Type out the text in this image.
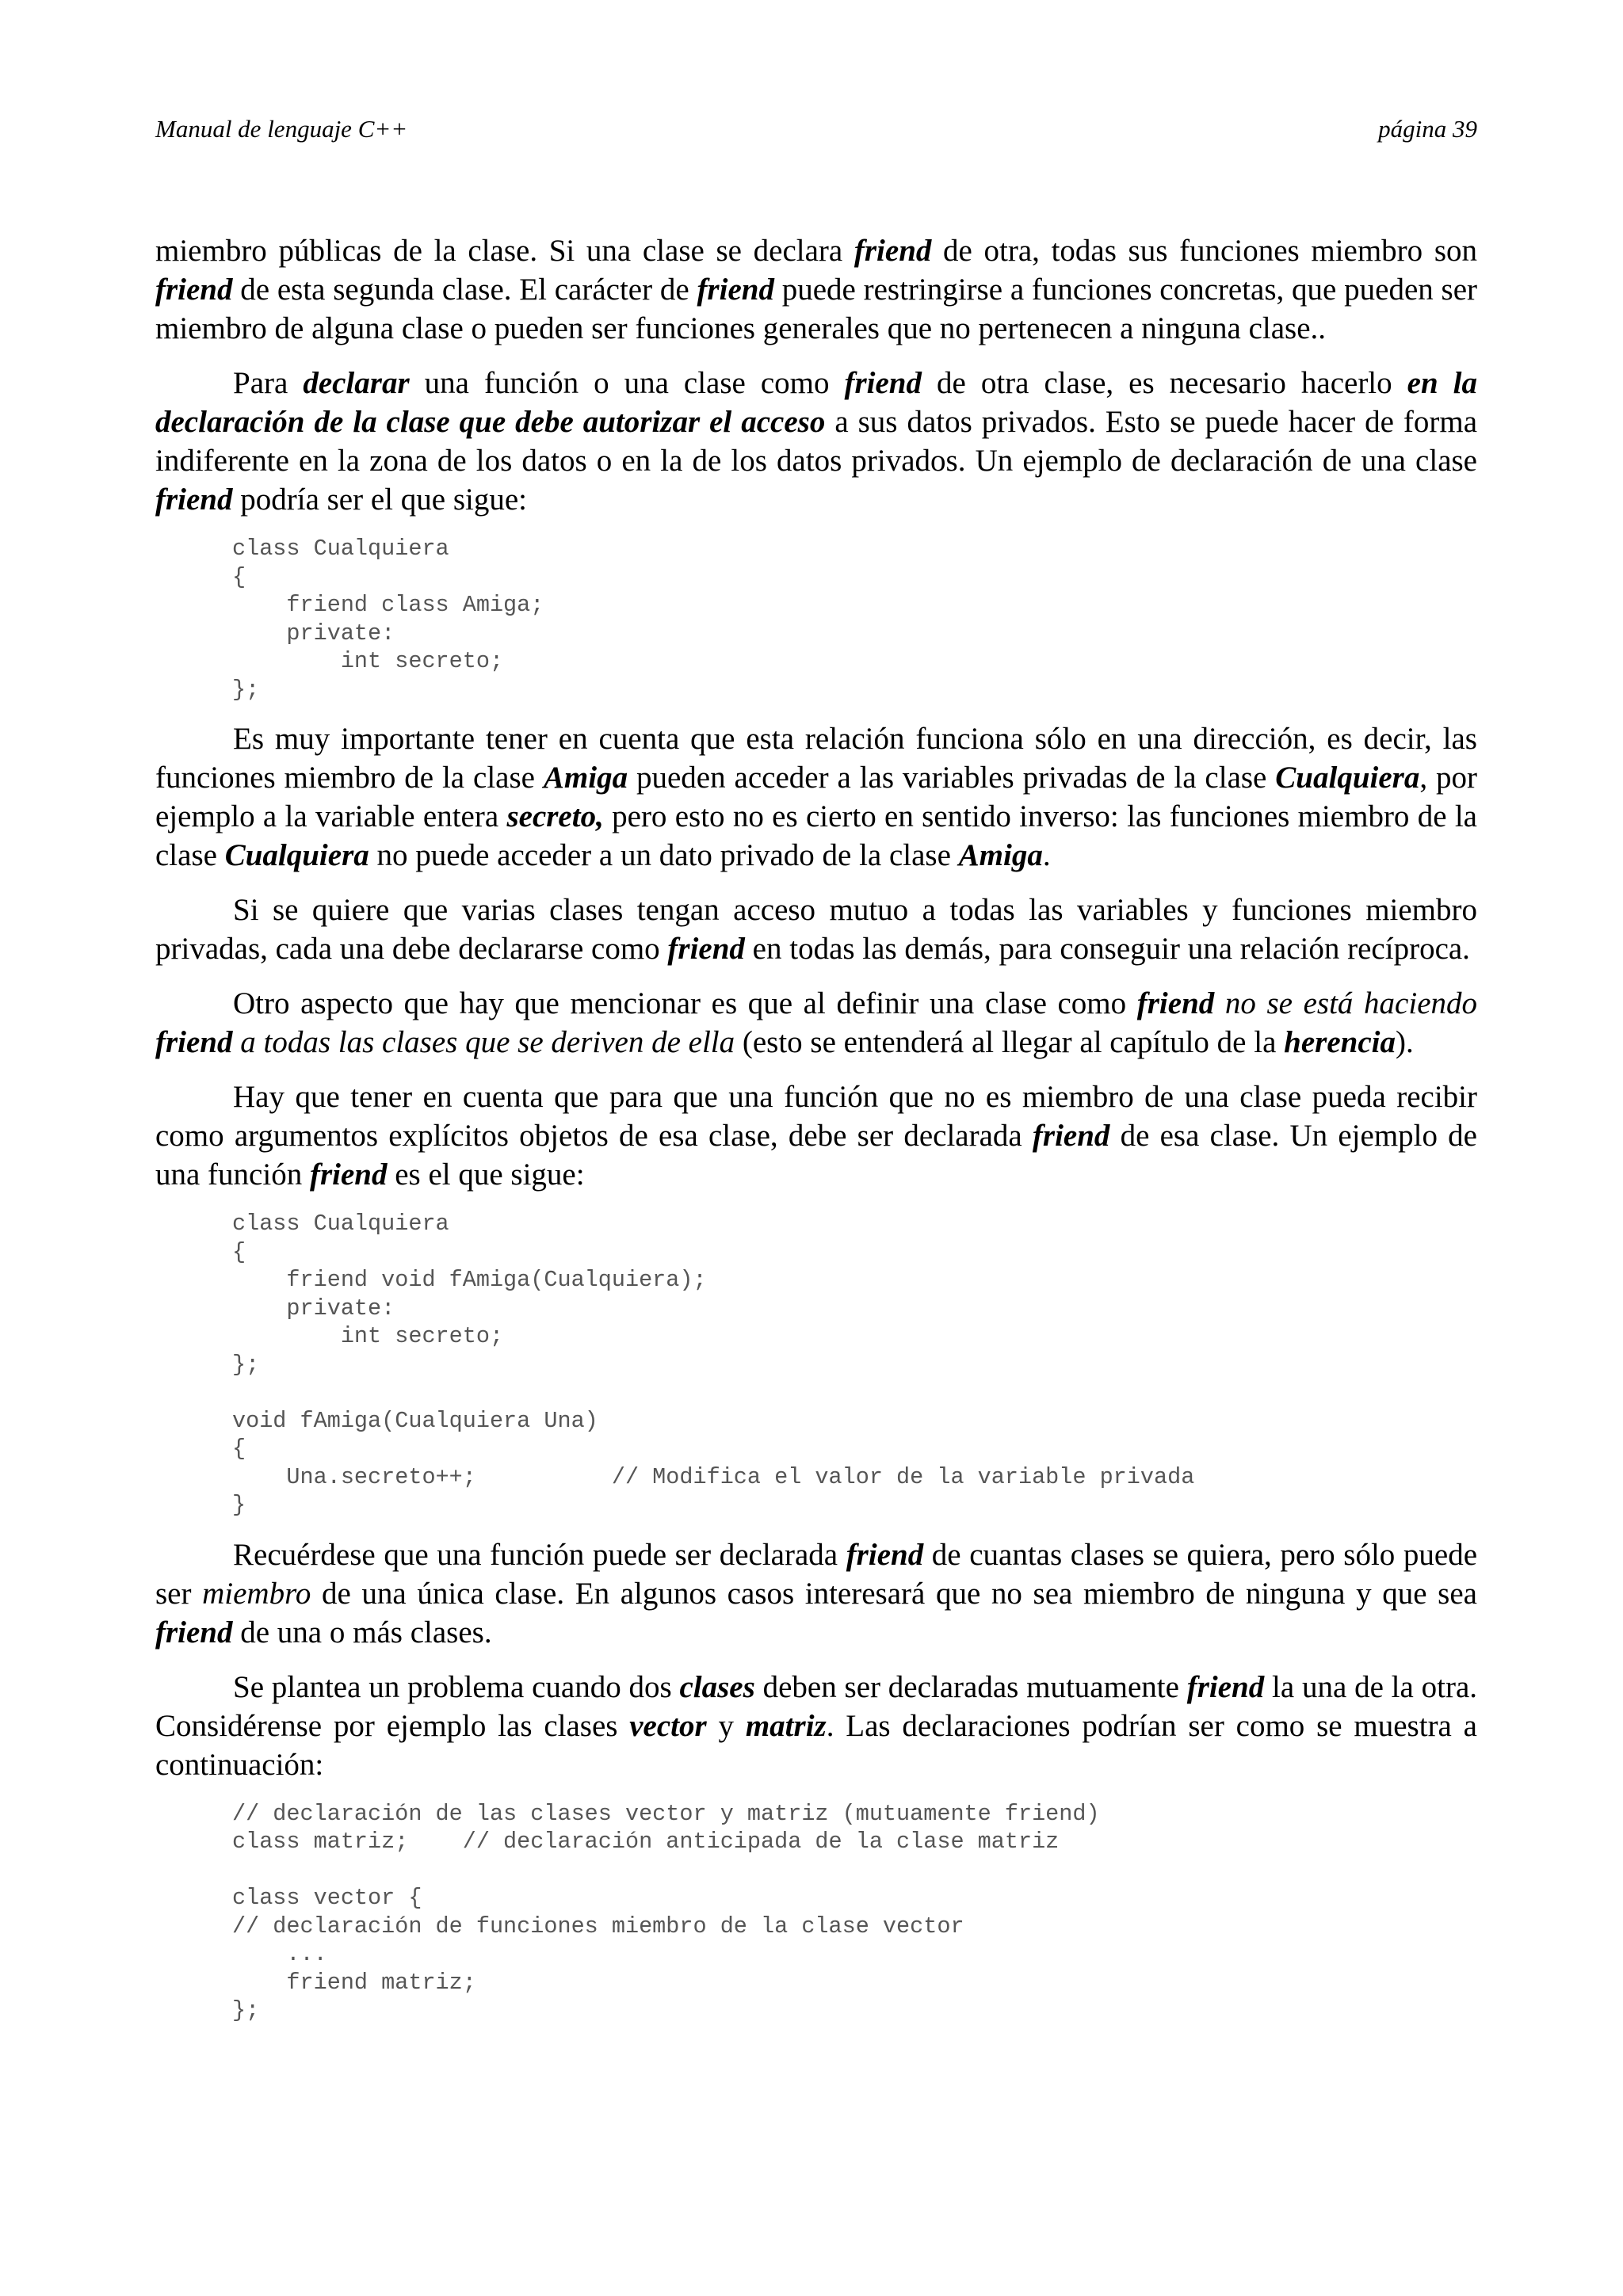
Manual de lenguaje C++	página 39

miembro públicas de la clase. Si una clase se declara friend de otra, todas sus funciones miembro son friend de esta segunda clase. El carácter de friend puede restringirse a funciones concretas, que pueden ser miembro de alguna clase o pueden ser funciones generales que no pertenecen a ninguna clase..

Para declarar una función o una clase como friend de otra clase, es necesario hacerlo en la declaración de la clase que debe autorizar el acceso a sus datos privados. Esto se puede hacer de forma indiferente en la zona de los datos o en la de los datos privados. Un ejemplo de declaración de una clase friend podría ser el que sigue:

class Cualquiera
{
friend class Amiga;
private:
int secreto;
};

Es muy importante tener en cuenta que esta relación funciona sólo en una dirección, es decir, las funciones miembro de la clase Amiga pueden acceder a las variables privadas de la clase Cualquiera, por ejemplo a la variable entera secreto, pero esto no es cierto en sentido inverso: las funciones miembro de la clase Cualquiera no puede acceder a un dato privado de la clase Amiga.

Si se quiere que varias clases tengan acceso mutuo a todas las variables y funciones miembro privadas, cada una debe declararse como friend en todas las demás, para conseguir una relación recíproca.

Otro aspecto que hay que mencionar es que al definir una clase como friend no se está haciendo friend a todas las clases que se deriven de ella (esto se entenderá al llegar al capítulo de la herencia).

Hay que tener en cuenta que para que una función que no es miembro de una clase pueda recibir como argumentos explícitos objetos de esa clase, debe ser declarada friend de esa clase. Un ejemplo de una función friend es el que sigue:

class Cualquiera
{
friend void fAmiga(Cualquiera);
private:
int secreto;
};
void fAmiga(Cualquiera Una)
{
Una.secreto++;          // Modifica el valor de la variable privada
}

Recuérdese que una función puede ser declarada friend de cuantas clases se quiera, pero sólo puede ser miembro de una única clase. En algunos casos interesará que no sea miembro de ninguna y que sea friend de una o más clases.

Se plantea un problema cuando dos clases deben ser declaradas mutuamente friend la una de la otra. Considérense por ejemplo las clases vector y matriz. Las declaraciones podrían ser como se muestra a continuación:

// declaración de las clases vector y matriz (mutuamente friend)
class matriz;    // declaración anticipada de la clase matriz
class vector {
// declaración de funciones miembro de la clase vector
...
friend matriz;
};
